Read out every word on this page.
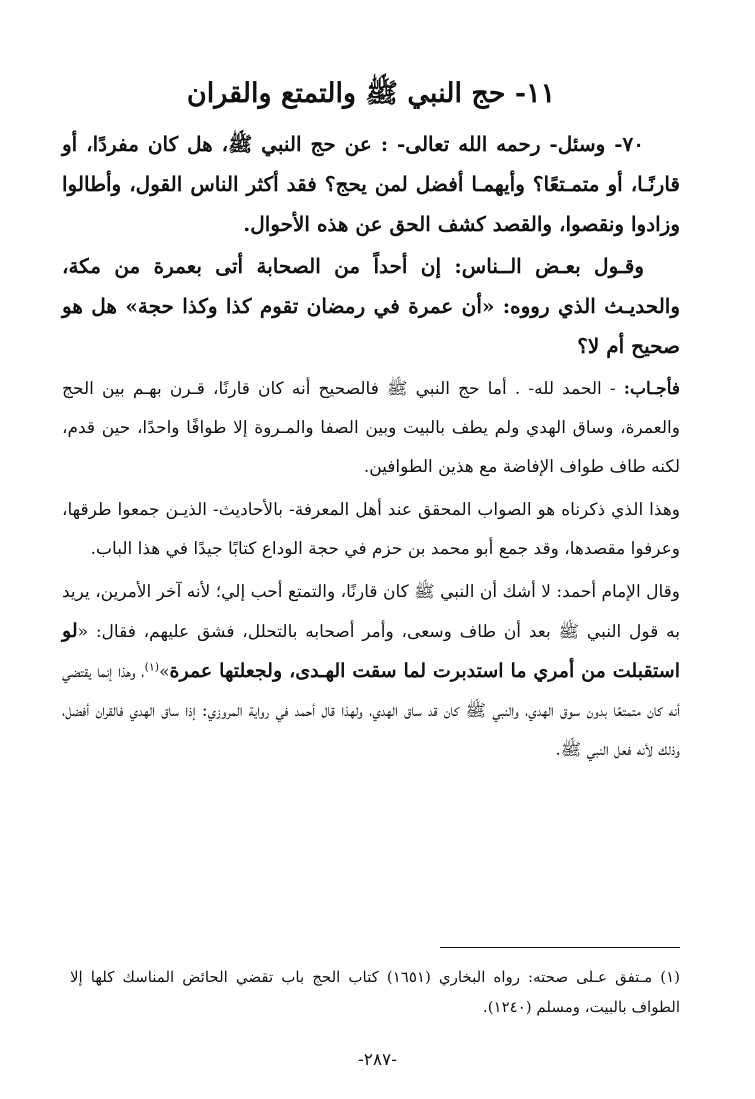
١١- حج النبي ﷺ والتمتع والقران

٧٠- وسئل- رحمه الله تعالى- : عن حج النبي ﷺ، هل كان مفردًا، أو قارنًـا، أو متمـتعًا؟ وأيهمـا أفضل لمن يحج؟ فقد أكثر الناس القول، وأطالوا وزادوا ونقصوا، والقصد كشف الحق عن هذه الأحوال.

وقـول بعـض الــناس: إن أحداً من الصحابة أتى بعمرة من مكة، والحديـث الذي رووه: «أن عمرة في رمضان تقوم كذا وكذا حجة» هل هو صحيح أم لا؟

فأجـاب: - الحمد لله- . أما حج النبي ﷺ فالصحيح أنه كان قارنًا، قـرن بهـم بين الحج والعمرة، وساق الهدي ولم يطف بالبيت وبين الصفا والمـروة إلا طوافًا واحدًا، حين قدم، لكنه طاف طواف الإفاضة مع هذين الطوافين.

وهذا الذي ذكرناه هو الصواب المحقق عند أهل المعرفة- بالأحاديث- الذيـن جمعوا طرقها، وعرفوا مقصدها، وقد جمع أبو محمد بن حزم في حجة الوداع كتابًا جيدًا في هذا الباب.

وقال الإمام أحمد: لا أشك أن النبي ﷺ كان قارنًا، والتمتع أحب إلي؛ لأنه آخر الأمرين، يريد به قول النبي ﷺ بعد أن طاف وسعى، وأمر أصحابه بالتحلل، فشق عليهم، فقال: «لو استقبلت من أمري ما استدبرت لما سقت الهـدى، ولجعلتها عمرة»$^{(١)}$، وهذا إنما يقتضي أنه كان متمتعًا بدون سوق الهدي، والنبي ﷺ كان قد ساق الهدي، ولهذا قال أحمد في رواية المروزي: إذا ساق الهدي فالقران أفضل، وذلك لأنه فعل النبي ﷺ.

(١) مـتفق عـلى صحته: رواه البخاري (١٦٥١) كتاب الحج باب تقضي الحائض المناسك كلها إلا الطواف بالبيت، ومسلم (١٢٤٠).
-٢٨٧-
